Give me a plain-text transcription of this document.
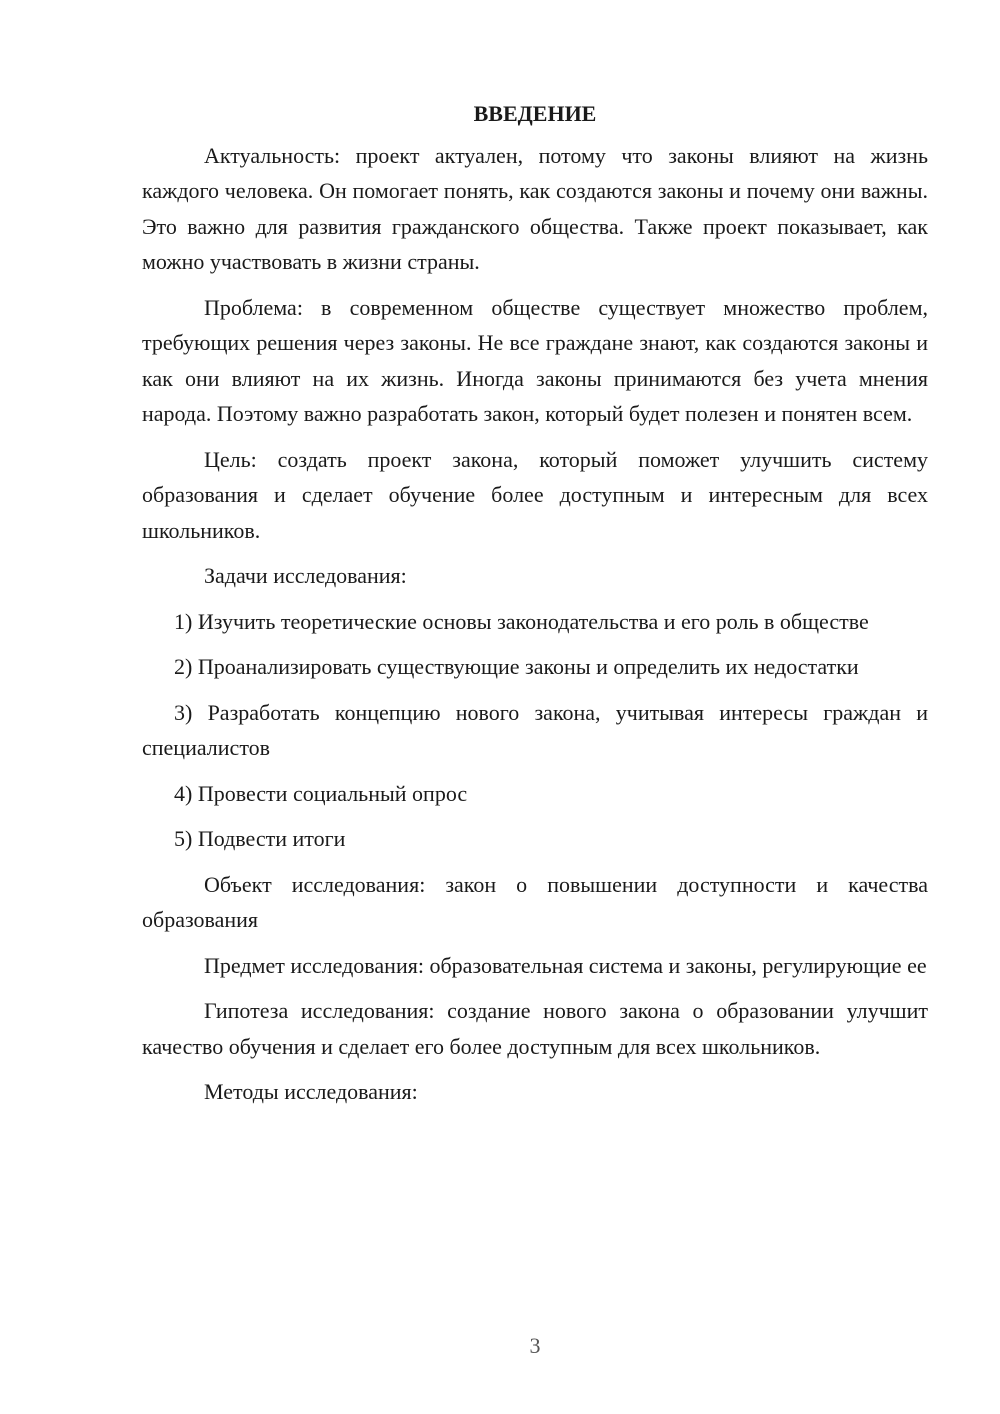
ВВЕДЕНИЕ

Актуальность: проект актуален, потому что законы влияют на жизнь каждого человека. Он помогает понять, как создаются законы и почему они важны. Это важно для развития гражданского общества. Также проект показывает, как можно участвовать в жизни страны.

Проблема: в современном обществе существует множество проблем, требующих решения через законы. Не все граждане знают, как создаются законы и как они влияют на их жизнь. Иногда законы принимаются без учета мнения народа. Поэтому важно разработать закон, который будет полезен и понятен всем.

Цель: создать проект закона, который поможет улучшить систему образования и сделает обучение более доступным и интересным для всех школьников.

Задачи исследования:

1) Изучить теоретические основы законодательства и его роль в обществе

2) Проанализировать существующие законы и определить их недостатки

3) Разработать концепцию нового закона, учитывая интересы граждан и специалистов

4) Провести социальный опрос

5) Подвести итоги

Объект исследования: закон о повышении доступности и качества образования

Предмет исследования: образовательная система и законы, регулирующие ее

Гипотеза исследования: создание нового закона о образовании улучшит качество обучения и сделает его более доступным для всех школьников.

Методы исследования:

3
